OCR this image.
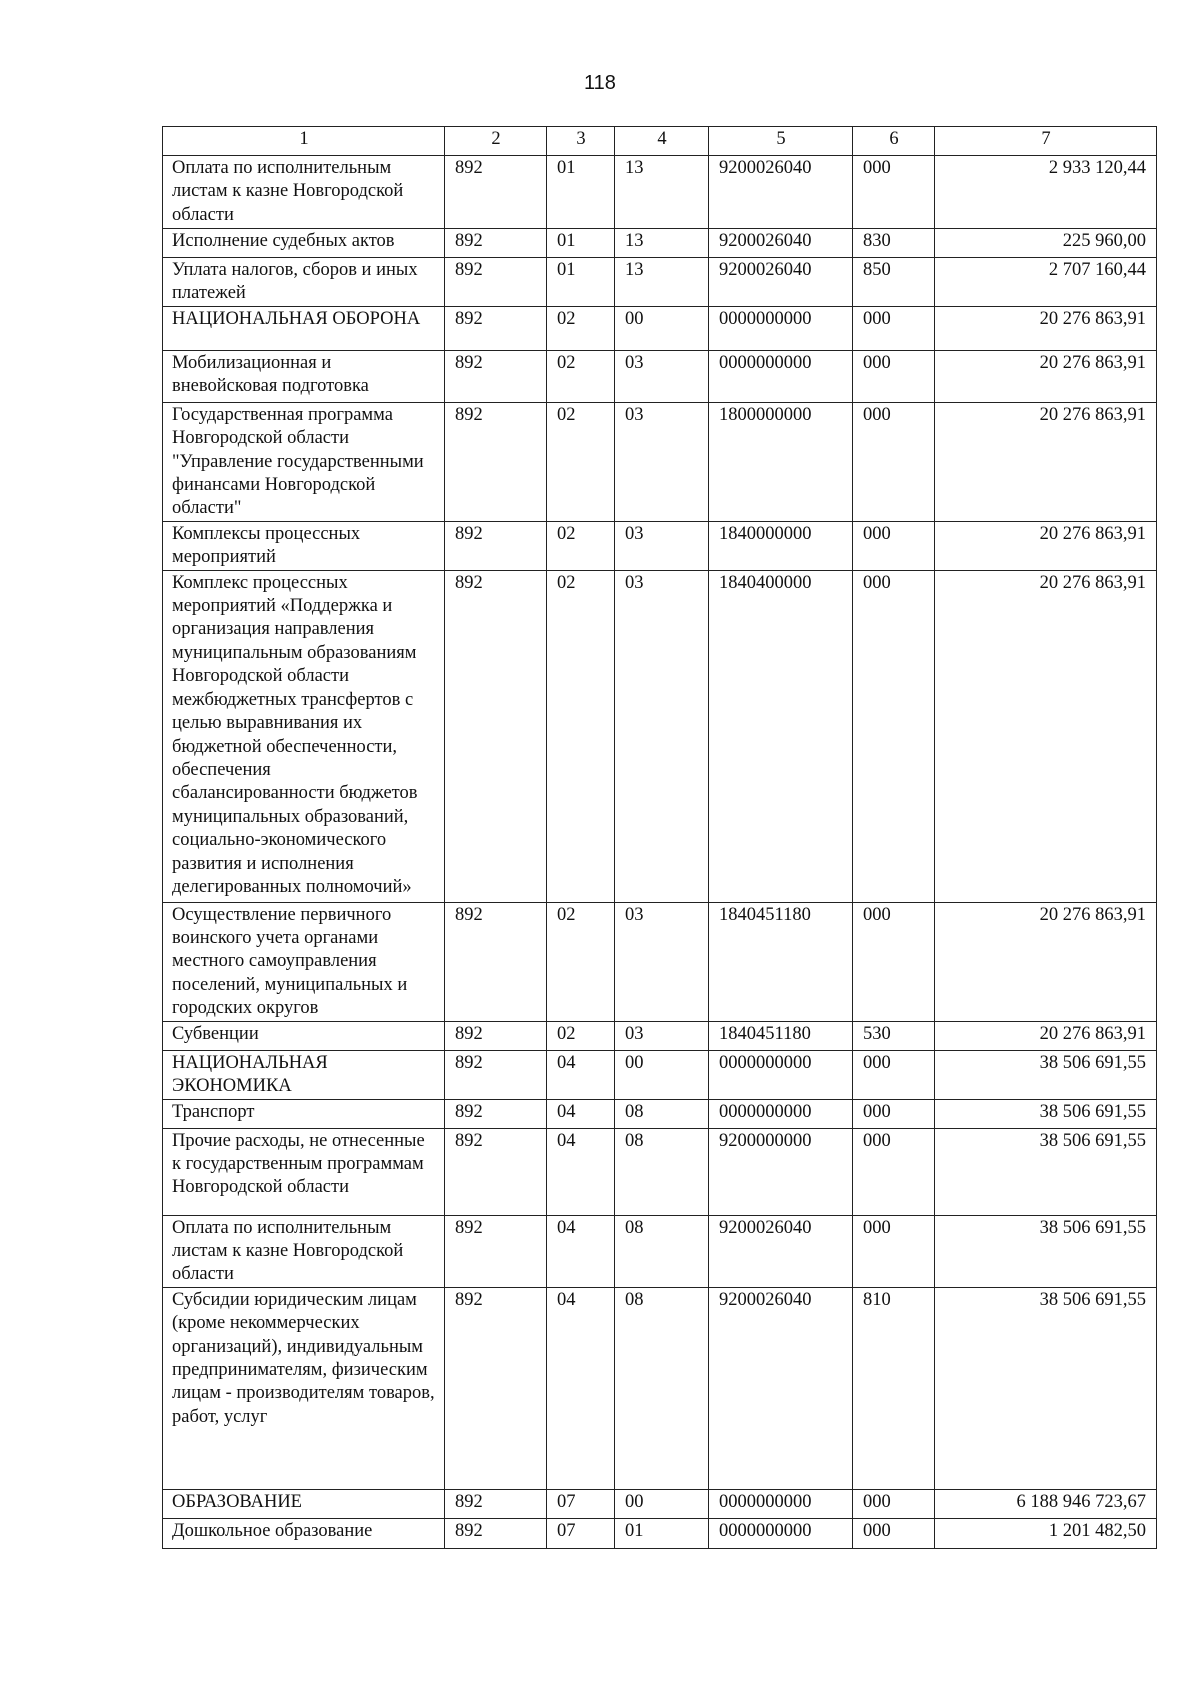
118
1	2	3	4	5	6	7
Оплата по исполнительным листам к казне Новгородской области	892	01	13	9200026040	000	2 933 120,44
Исполнение судебных актов	892	01	13	9200026040	830	225 960,00
Уплата налогов, сборов и иных платежей	892	01	13	9200026040	850	2 707 160,44
НАЦИОНАЛЬНАЯ ОБОРОНА	892	02	00	0000000000	000	20 276 863,91
Мобилизационная и вневойсковая подготовка	892	02	03	0000000000	000	20 276 863,91
Государственная программа Новгородской области "Управление государственными финансами Новгородской области"	892	02	03	1800000000	000	20 276 863,91
Комплексы процессных мероприятий	892	02	03	1840000000	000	20 276 863,91
Комплекс процессных мероприятий «Поддержка и организация направления муниципальным образованиям Новгородской области межбюджетных трансфертов с целью выравнивания их бюджетной обеспеченности, обеспечения сбалансированности бюджетов муниципальных образований, социально-экономического развития и исполнения делегированных полномочий»	892	02	03	1840400000	000	20 276 863,91
Осуществление первичного воинского учета органами местного самоуправления поселений, муниципальных и городских округов	892	02	03	1840451180	000	20 276 863,91
Субвенции	892	02	03	1840451180	530	20 276 863,91
НАЦИОНАЛЬНАЯ ЭКОНОМИКА	892	04	00	0000000000	000	38 506 691,55
Транспорт	892	04	08	0000000000	000	38 506 691,55
Прочие расходы, не отнесенные к государственным программам Новгородской области	892	04	08	9200000000	000	38 506 691,55
Оплата по исполнительным листам к казне Новгородской области	892	04	08	9200026040	000	38 506 691,55
Субсидии юридическим лицам (кроме некоммерческих организаций), индивидуальным предпринимателям, физическим лицам - производителям товаров, работ, услуг	892	04	08	9200026040	810	38 506 691,55
ОБРАЗОВАНИЕ	892	07	00	0000000000	000	6 188 946 723,67
Дошкольное образование	892	07	01	0000000000	000	1 201 482,50
